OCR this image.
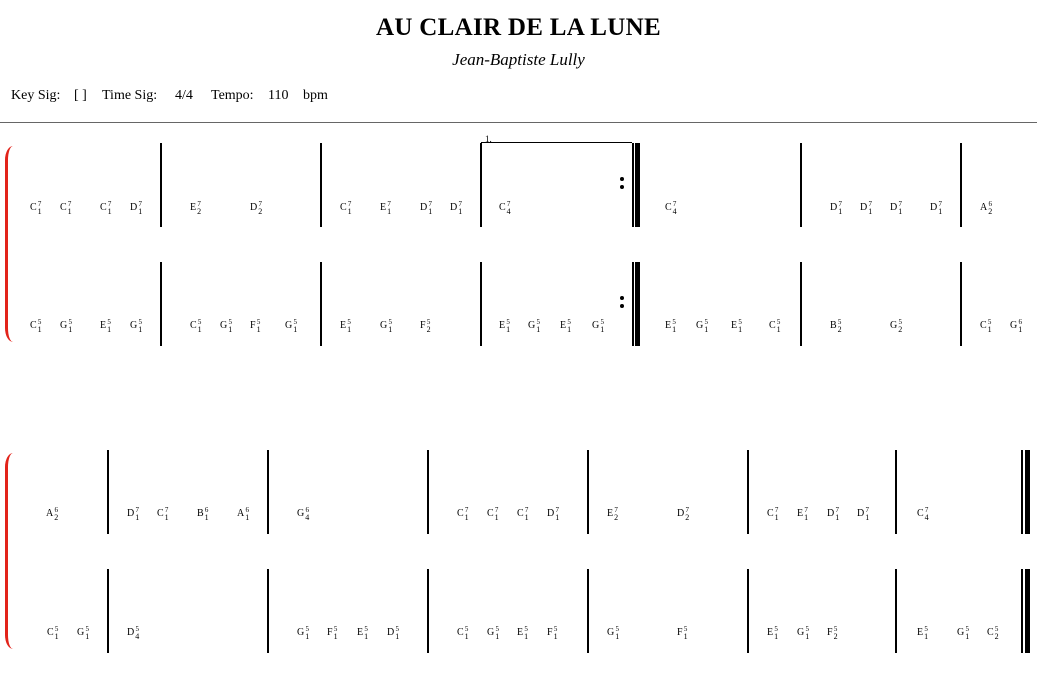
AU CLAIR DE LA LUNE
Jean-Baptiste Lully
Key Sig: [ ] Time Sig: 4/4 Tempo: 110 bpm
C 7
1 C 7
1	C 7
1 D 7
1	E 7
2	D 7
2	C 7
1	E 7
1	D 7
1 D 7
1	C 7
4	C 7
4	D 7
1 D 7
1 D 7
1	D 7
1	A 6
2
C 5
1 G 5
1	E 5
1 G 5
1	C 5
1 G 5
1 F 5
1 G 5
1	E 5
1	G 5
1	F 5
2	E 5
1 G 5
1 E 5
1 G 5
1	E 5
1 G 5
1 E 5
1	C 5
1	B 5
2	G 5
2	C 5
1 G 6
1
1.
A 6
2	D 7
1 C 7
1	B 6
1	A 6
1	G 6
4	C 7
1 C 7
1 C 7
1 D 7
1	E 7
2	D 7
2	C 7
1 E 7
1 D 7
1 D 7
1	C 7
4
C 5
1 G 5
1	D 5
4	G 5
1 F 5
1 E 5
1 D 5
1	C 5
1 G 5
1 E 5
1 F 5
1	G 5
1	F 5
1	E 5
1 G 5
1 F 5
2	E 5
1	G 5
1 C 5
2
